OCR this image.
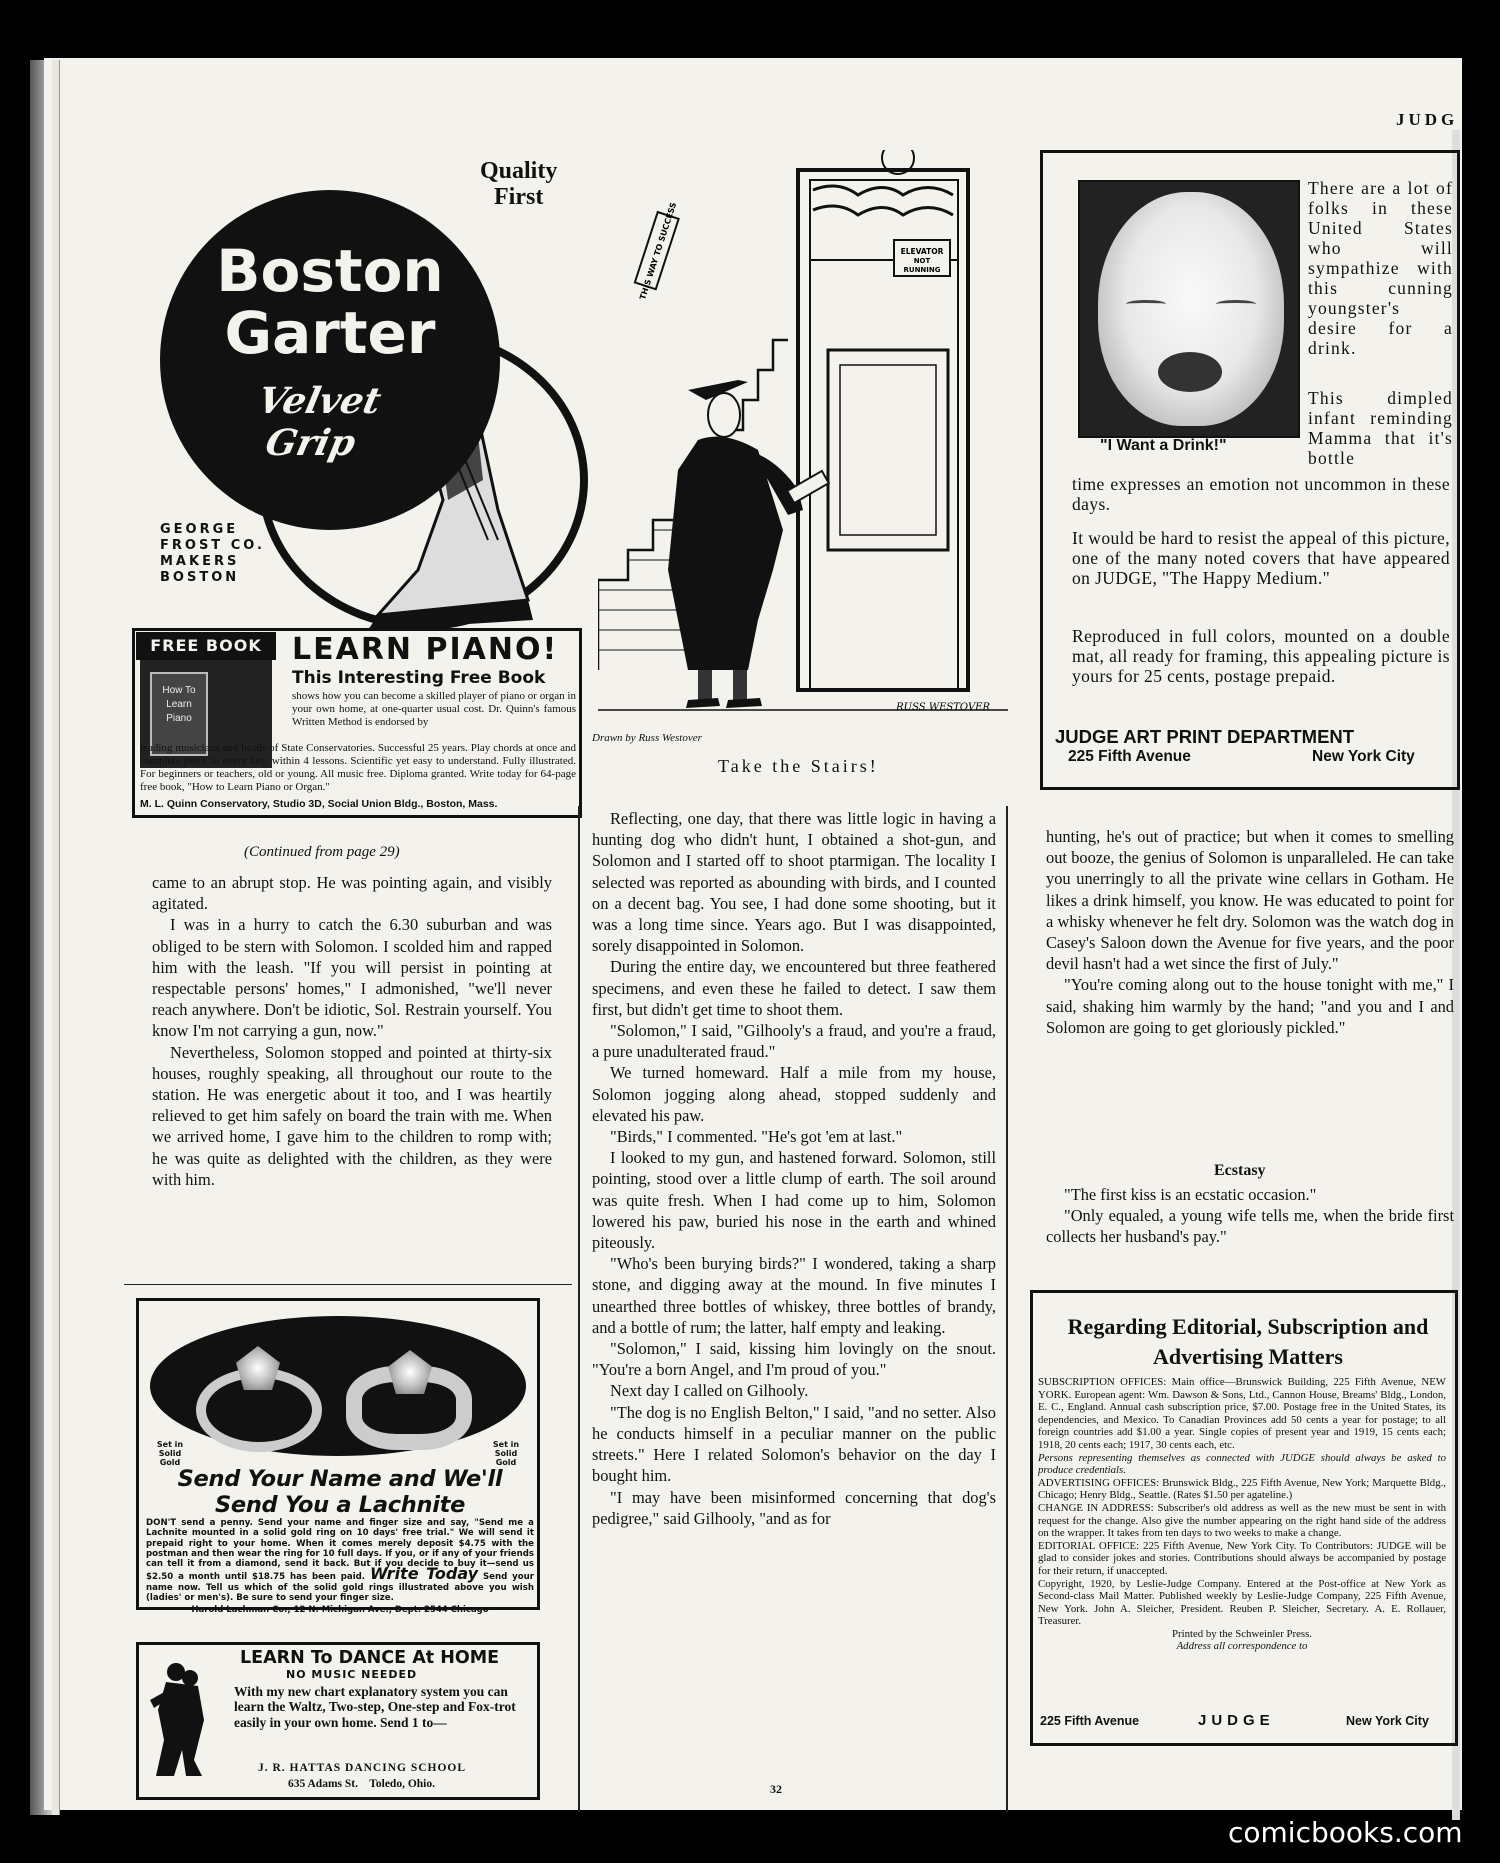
JUDG
Boston
Garter
Velvet Grip
Quality
First
GEORGE
FROST CO.
MAKERS
BOSTON
FREE BOOK
How To
Learn
Piano
LEARN PIANO!
This Interesting Free Book
shows how you can become a skilled player of piano or organ in your own home, at one-quarter usual cost. Dr. Quinn's famous Written Method is endorsed by
leading musicians and heads of State Conservatories. Successful 25 years. Play chords at once and complete piece in every key, within 4 lessons. Scientific yet easy to understand. Fully illustrated. For beginners or teachers, old or young. All music free. Diploma granted. Write today for 64-page free book, "How to Learn Piano or Organ."
M. L. Quinn Conservatory, Studio 3D, Social Union Bldg., Boston, Mass.
(Continued from page 29)

came to an abrupt stop. He was pointing again, and visibly agitated.

I was in a hurry to catch the 6.30 suburban and was obliged to be stern with Solomon. I scolded him and rapped him with the leash. "If you will persist in pointing at respectable persons' homes," I admonished, "we'll never reach anywhere. Don't be idiotic, Sol. Restrain yourself. You know I'm not carrying a gun, now."

Nevertheless, Solomon stopped and pointed at thirty-six houses, roughly speaking, all throughout our route to the station. He was energetic about it too, and I was heartily relieved to get him safely on board the train with me. When we arrived home, I gave him to the children to romp with; he was quite as delighted with the children, as they were with him.

ELEVATOR
NOT
RUNNING
THIS WAY TO SUCCESS
RUSS WESTOVER
Drawn by Russ Westover
Take the Stairs!

Reflecting, one day, that there was little logic in having a hunting dog who didn't hunt, I obtained a shot-gun, and Solomon and I started off to shoot ptarmigan. The locality I selected was reported as abounding with birds, and I counted on a decent bag. You see, I had done some shooting, but it was a long time since. Years ago. But I was disappointed, sorely disappointed in Solomon.

During the entire day, we encountered but three feathered specimens, and even these he failed to detect. I saw them first, but didn't get time to shoot them.

"Solomon," I said, "Gilhooly's a fraud, and you're a fraud, a pure unadulterated fraud."

We turned homeward. Half a mile from my house, Solomon jogging along ahead, stopped suddenly and elevated his paw.

"Birds," I commented. "He's got 'em at last."

I looked to my gun, and hastened forward. Solomon, still pointing, stood over a little clump of earth. The soil around was quite fresh. When I had come up to him, Solomon lowered his paw, buried his nose in the earth and whined piteously.

"Who's been burying birds?" I wondered, taking a sharp stone, and digging away at the mound. In five minutes I unearthed three bottles of whiskey, three bottles of brandy, and a bottle of rum; the latter, half empty and leaking.

"Solomon," I said, kissing him lovingly on the snout. "You're a born Angel, and I'm proud of you."

Next day I called on Gilhooly.

"The dog is no English Belton," I said, "and no setter. Also he conducts himself in a peculiar manner on the public streets." Here I related Solomon's behavior on the day I bought him.

"I may have been misinformed concerning that dog's pedigree," said Gilhooly, "and as for

"I Want a Drink!"
There are a lot of folks in these United States who will sympathize with this cunning youngster's desire for a drink.
This dimpled infant reminding Mamma that it's bottle
time expresses an emotion not uncommon in these days.
It would be hard to resist the appeal of this picture, one of the many noted covers that have appeared on JUDGE, "The Happy Medium."
Reproduced in full colors, mounted on a double mat, all ready for framing, this appealing picture is yours for 25 cents, postage prepaid.
JUDGE ART PRINT DEPARTMENT
225 Fifth Avenue	New York City

hunting, he's out of practice; but when it comes to smelling out booze, the genius of Solomon is unparalleled. He can take you unerringly to all the private wine cellars in Gotham. He likes a drink himself, you know. He was educated to point for a whisky whenever he felt dry. Solomon was the watch dog in Casey's Saloon down the Avenue for five years, and the poor devil hasn't had a wet since the first of July."

"You're coming along out to the house tonight with me," I said, shaking him warmly by the hand; "and you and I and Solomon are going to get gloriously pickled."

Ecstasy

"The first kiss is an ecstatic occasion."

"Only equaled, a young wife tells me, when the bride first collects her husband's pay."

Regarding Editorial, Subscription and
Advertising Matters
SUBSCRIPTION OFFICES: Main office—Brunswick Building, 225 Fifth Avenue, NEW YORK. European agent: Wm. Dawson & Sons, Ltd., Cannon House, Breams' Bldg., London, E. C., England. Annual cash subscription price, $7.00. Postage free in the United States, its dependencies, and Mexico. To Canadian Provinces add 50 cents a year for postage; to all foreign countries add $1.00 a year. Single copies of present year and 1919, 15 cents each; 1918, 20 cents each; 1917, 30 cents each, etc.
Persons representing themselves as connected with JUDGE should always be asked to produce credentials.
ADVERTISING OFFICES: Brunswick Bldg., 225 Fifth Avenue, New York; Marquette Bldg., Chicago; Henry Bldg., Seattle. (Rates $1.50 per agateline.)
CHANGE IN ADDRESS: Subscriber's old address as well as the new must be sent in with request for the change. Also give the number appearing on the right hand side of the address on the wrapper. It takes from ten days to two weeks to make a change.
EDITORIAL OFFICE: 225 Fifth Avenue, New York City. To Contributors: JUDGE will be glad to consider jokes and stories. Contributions should always be accompanied by postage for their return, if unaccepted.
Copyright, 1920, by Leslie-Judge Company. Entered at the Post-office at New York as Second-class Mail Matter. Published weekly by Leslie-Judge Company, 225 Fifth Avenue, New York. John A. Sleicher, President. Reuben P. Sleicher, Secretary. A. E. Rollauer, Treasurer.
Printed by the Schweinler Press.
Address all correspondence to
225 Fifth Avenue	JUDGE	New York City
Set in Solid Gold
Set in Solid Gold
Send Your Name and We'll
Send You a Lachnite
DON'T send a penny. Send your name and finger size and say, "Send me a Lachnite mounted in a solid gold ring on 10 days' free trial." We will send it prepaid right to your home. When it comes merely deposit $4.75 with the postman and then wear the ring for 10 full days. If you, or if any of your friends can tell it from a diamond, send it back. But if you decide to buy it—send us $2.50 a month until $18.75 has been paid. Write Today Send your name now. Tell us which of the solid gold rings illustrated above you wish (ladies' or men's). Be sure to send your finger size.
Harold Lachman Co., 12 N. Michigan Ave., Dept. 2544 Chicago
LEARN To DANCE At HOME
NO MUSIC NEEDED
With my new chart explanatory system you can learn the Waltz, Two-step, One-step and Fox-trot easily in your own home. Send 1 to—
J. R. HATTAS DANCING SCHOOL
635 Adams St.    Toledo, Ohio.	32
comicbooks.com
